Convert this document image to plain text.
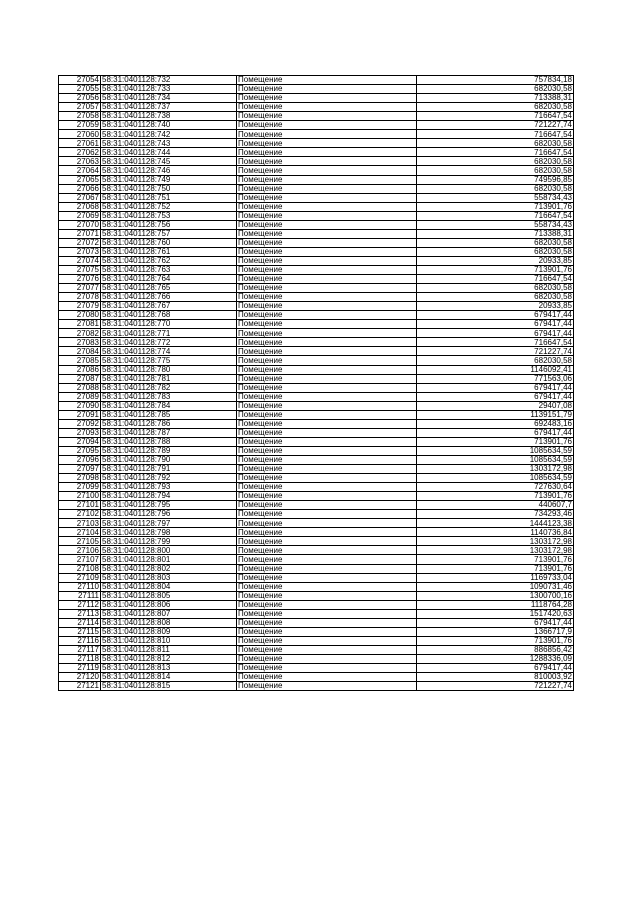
27054	58:31:0401128:732	Помещение	757834,18
27055	58:31:0401128:733	Помещение	682030,58
27056	58:31:0401128:734	Помещение	713388,31
27057	58:31:0401128:737	Помещение	682030,58
27058	58:31:0401128:738	Помещение	716647,54
27059	58:31:0401128:740	Помещение	721227,74
27060	58:31:0401128:742	Помещение	716647,54
27061	58:31:0401128:743	Помещение	682030,58
27062	58:31:0401128:744	Помещение	716647,54
27063	58:31:0401128:745	Помещение	682030,58
27064	58:31:0401128:746	Помещение	682030,58
27065	58:31:0401128:749	Помещение	749596,85
27066	58:31:0401128:750	Помещение	682030,58
27067	58:31:0401128:751	Помещение	558734,43
27068	58:31:0401128:752	Помещение	713901,76
27069	58:31:0401128:753	Помещение	716647,54
27070	58:31:0401128:756	Помещение	558734,43
27071	58:31:0401128:757	Помещение	713388,31
27072	58:31:0401128:760	Помещение	682030,58
27073	58:31:0401128:761	Помещение	682030,58
27074	58:31:0401128:762	Помещение	20933,85
27075	58:31:0401128:763	Помещение	713901,76
27076	58:31:0401128:764	Помещение	716647,54
27077	58:31:0401128:765	Помещение	682030,58
27078	58:31:0401128:766	Помещение	682030,58
27079	58:31:0401128:767	Помещение	20933,85
27080	58:31:0401128:768	Помещение	679417,44
27081	58:31:0401128:770	Помещение	679417,44
27082	58:31:0401128:771	Помещение	679417,44
27083	58:31:0401128:772	Помещение	716647,54
27084	58:31:0401128:774	Помещение	721227,74
27085	58:31:0401128:775	Помещение	682030,58
27086	58:31:0401128:780	Помещение	1146092,41
27087	58:31:0401128:781	Помещение	771563,06
27088	58:31:0401128:782	Помещение	679417,44
27089	58:31:0401128:783	Помещение	679417,44
27090	58:31:0401128:784	Помещение	29407,08
27091	58:31:0401128:785	Помещение	1139151,79
27092	58:31:0401128:786	Помещение	692483,16
27093	58:31:0401128:787	Помещение	679417,44
27094	58:31:0401128:788	Помещение	713901,76
27095	58:31:0401128:789	Помещение	1085634,59
27096	58:31:0401128:790	Помещение	1085634,59
27097	58:31:0401128:791	Помещение	1303172,98
27098	58:31:0401128:792	Помещение	1085634,59
27099	58:31:0401128:793	Помещение	727630,64
27100	58:31:0401128:794	Помещение	713901,76
27101	58:31:0401128:795	Помещение	440607,7
27102	58:31:0401128:796	Помещение	734293,46
27103	58:31:0401128:797	Помещение	1444123,38
27104	58:31:0401128:798	Помещение	1140736,84
27105	58:31:0401128:799	Помещение	1303172,98
27106	58:31:0401128:800	Помещение	1303172,98
27107	58:31:0401128:801	Помещение	713901,76
27108	58:31:0401128:802	Помещение	713901,76
27109	58:31:0401128:803	Помещение	1169733,04
27110	58:31:0401128:804	Помещение	1090731,46
27111	58:31:0401128:805	Помещение	1300700,16
27112	58:31:0401128:806	Помещение	1118764,28
27113	58:31:0401128:807	Помещение	1517420,63
27114	58:31:0401128:808	Помещение	679417,44
27115	58:31:0401128:809	Помещение	1366717,9
27116	58:31:0401128:810	Помещение	713901,76
27117	58:31:0401128:811	Помещение	886856,42
27118	58:31:0401128:812	Помещение	1288336,09
27119	58:31:0401128:813	Помещение	679417,44
27120	58:31:0401128:814	Помещение	810003,92
27121	58:31:0401128:815	Помещение	721227,74
